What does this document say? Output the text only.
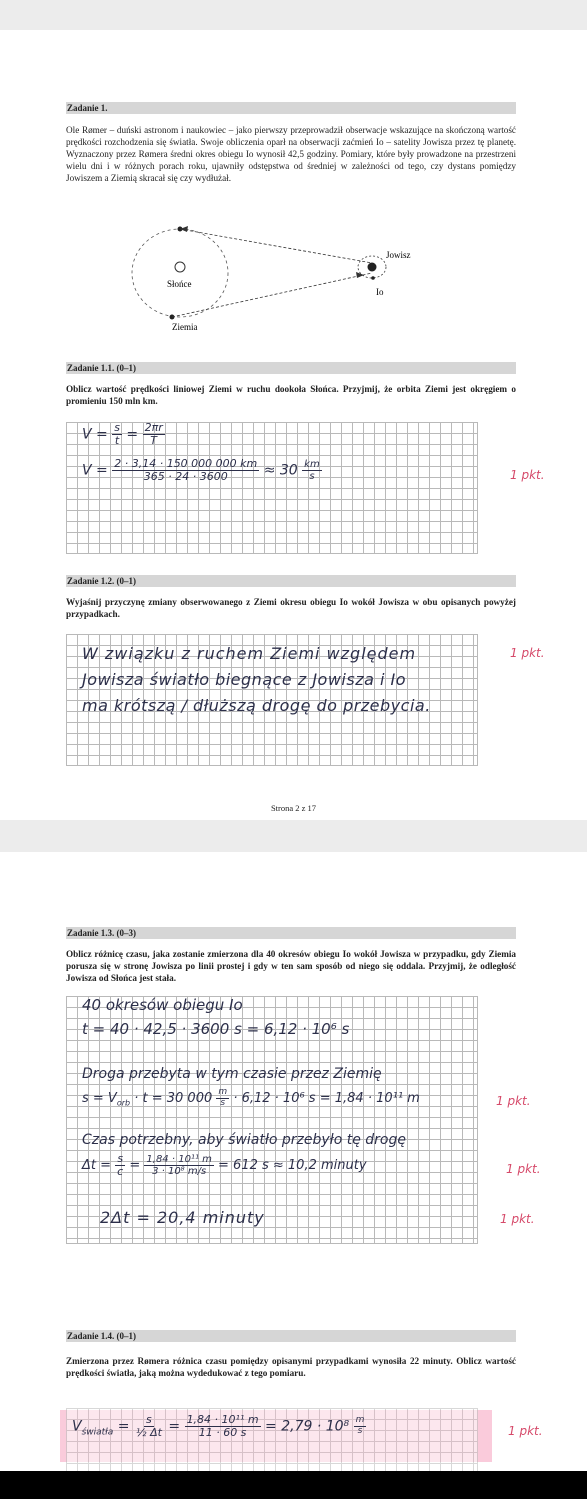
Zadanie 1.
Ole Rømer – duński astronom i naukowiec – jako pierwszy przeprowadził obserwacje wskazujące na skończoną wartość prędkości rozchodzenia się światła. Swoje obliczenia oparł na obserwacji zaćmień Io – satelity Jowisza przez tę planetę. Wyznaczony przez Rømera średni okres obiegu Io wynosił 42,5 godziny. Pomiary, które były prowadzone na przestrzeni wielu dni i w różnych porach roku, ujawniły odstępstwa od średniej w zależności od tego, czy dystans pomiędzy Jowiszem a Ziemią skracał się czy wydłużał.
Słońce
Jowisz
Io
Ziemia
Zadanie 1.1. (0–1)
Oblicz wartość prędkości liniowej Ziemi w ruchu dookoła Słońca. Przyjmij, że orbita Ziemi jest okręgiem o promieniu 150 mln km.
$V = \frac{s}{t} = \frac{2\pi r}{T}$
$V = \frac{2 \cdot 3,14 \cdot 150 000 000 km}{365 \cdot 24 \cdot 3600} \approx 30 \frac{km}{s}$	1 pkt.
Zadanie 1.2. (0–1)
Wyjaśnij przyczynę zmiany obserwowanego z Ziemi okresu obiegu Io wokół Jowisza w obu opisanych powyżej przypadkach.
W związku z ruchem Ziemi względem
Jowisza światło biegnące z Jowisza i Io
ma krótszą / dłuższą drogę do przebycia.
1 pkt.
Strona 2 z 17
Zadanie 1.3. (0–3)
Oblicz różnicę czasu, jaka zostanie zmierzona dla 40 okresów obiegu Io wokół Jowisza w przypadku, gdy Ziemia porusza się w stronę Jowisza po linii prostej i gdy w ten sam sposób od niego się oddala. Przyjmij, że odległość Jowisza od Słońca jest stała.
40 okresów obiegu Io
t = 40 · 42,5 · 3600 s = 6,12 · 10⁶ s
Droga przebyta w tym czasie przez Ziemię
$s = V_{orb} \cdot t = 30$ $000 \frac{m}{s} \cdot 6,12 \cdot 10^6$ s = 1,84 · 10¹¹ m	1 pkt.
Czas potrzebny, aby światło przebyło tę drogę
$\Delta t = \frac{s}{c} = \frac{\text{1,84 · 10¹¹ m}}{\text{3 · 10⁸ m/s}} = 612$ s ≈ 10,2 minuty	1 pkt.
2Δt = 20,4 minuty	1 pkt.
Zadanie 1.4. (0–1)
Zmierzona przez Rømera różnica czasu pomiędzy opisanymi przypadkami wynosiła 22 minuty. Oblicz wartość prędkości światła, jaką można wydedukować z tego pomiaru.
$V_{światła} = \frac{s}{\text{½ Δt}} = \frac{\text{1,84 · 10¹¹ m}}{11 \cdot 60 s} = 2,79 \cdot 10^8 \frac{m}{s}$	1 pkt.
